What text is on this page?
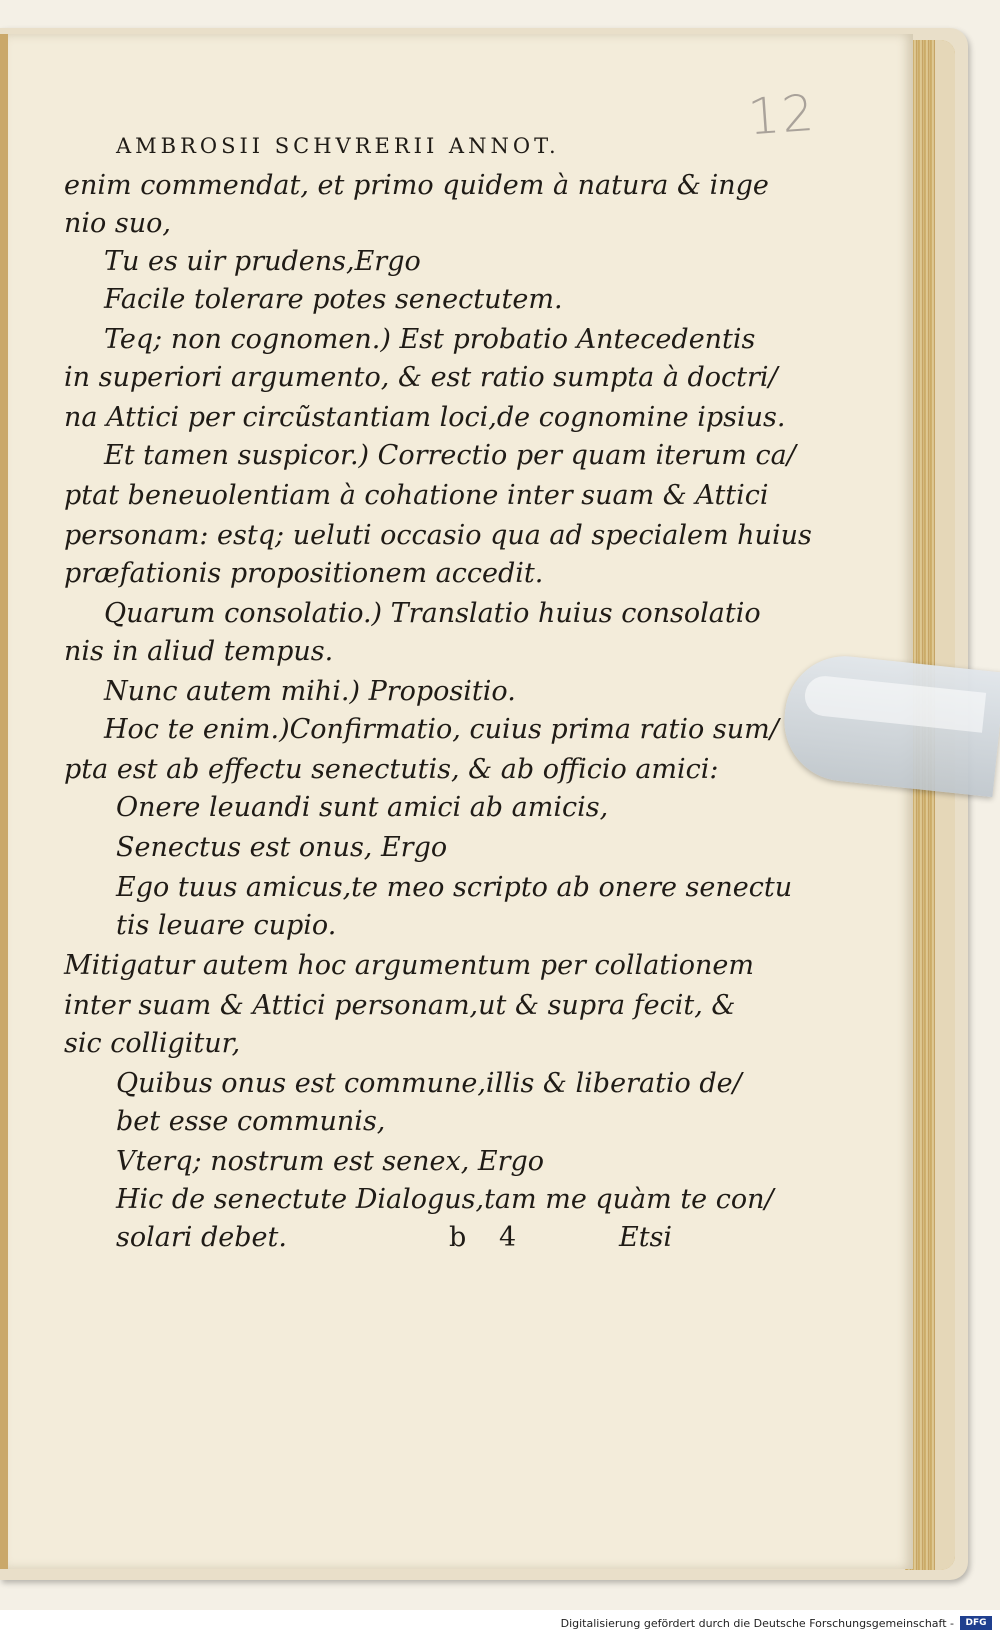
12
AMBROSII SCHVRERII ANNOT.
enim commendat, et primo quidem à natura & inge
nio suo,
Tu es uir prudens,Ergo
Facile tolerare potes senectutem.
Teq; non cognomen.) Est probatio Antecedentis
in superiori argumento, & est ratio sumpta à doctri/
na Attici per circũstantiam loci,de cognomine ipsius.
Et tamen suspicor.) Correctio per quam iterum ca/
ptat beneuolentiam à cohatione inter suam & Attici
personam: estq; ueluti occasio qua ad specialem huius
præfationis propositionem accedit.
Quarum consolatio.) Translatio huius consolatio
nis in aliud tempus.
Nunc autem mihi.) Propositio.
Hoc te enim.)Confirmatio, cuius prima ratio sum/
pta est ab effectu senectutis, & ab officio amici:
Onere leuandi sunt amici ab amicis,
Senectus est onus, Ergo
Ego tuus amicus,te meo scripto ab onere senectu
tis leuare cupio.
Mitigatur autem hoc argumentum per collationem
inter suam & Attici personam,ut & supra fecit, &
sic colligitur,
Quibus onus est commune,illis & liberatio de/
bet esse communis,
Vterq; nostrum est senex, Ergo
Hic de senectute Dialogus,tam me quàm te con/
solari debet.	b 4	Etsi
Digitalisierung gefördert durch die Deutsche Forschungsgemeinschaft -	DFG
